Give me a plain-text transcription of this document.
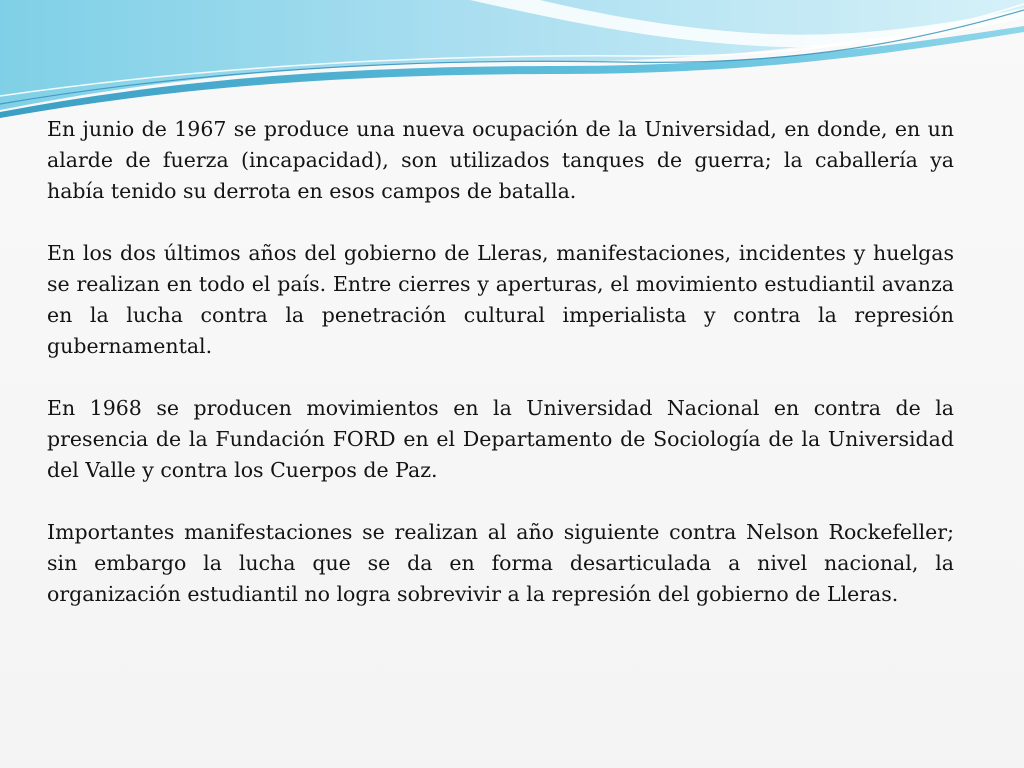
En junio de 1967 se produce una nueva ocupación de la Universidad, en donde, en un alarde de fuerza (incapacidad), son utilizados tanques de guerra; la caballería ya había tenido su derrota en esos campos de batalla.

En los dos últimos años del gobierno de Lleras, manifestaciones, incidentes y huelgas se realizan en todo el país. Entre cierres y aperturas, el movimiento estudiantil avanza en la lucha contra la penetración cultural imperialista y contra la represión gubernamental.

En 1968 se producen movimientos en la Universidad Nacional en contra de la presencia de la Fundación FORD en el Departamento de Sociología de la Universidad del Valle y contra los Cuerpos de Paz.

Importantes manifestaciones se realizan al año siguiente contra Nelson Rockefeller; sin embargo la lucha que se da en forma desarticulada a nivel nacional, la organización estudiantil no logra sobrevivir a la represión del gobierno de Lleras.
